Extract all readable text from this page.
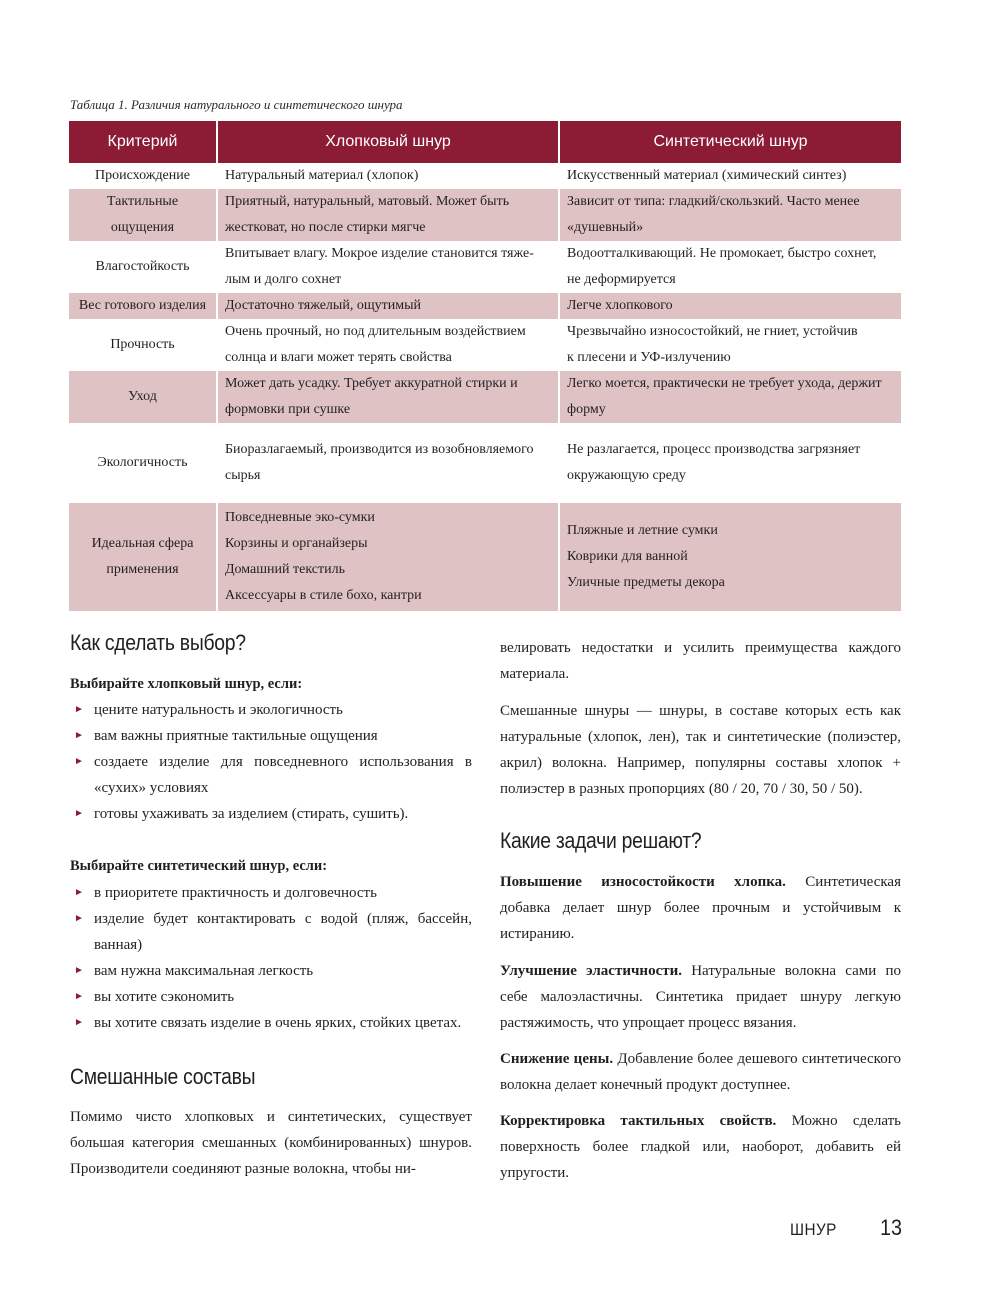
Таблица 1. Различия натурального и синтетического шнура
Критерий	Хлопковый шнур	Синтетический шнур
Происхождение	Натуральный материал (хлопок)	Искусственный материал (химический синтез)

Тактильные
ощущения	Приятный, натуральный, матовый. Может быть
жестковат, но после стирки мягче	Зависит от типа: гладкий/скользкий. Часто менее
«душевный»

Влагостойкость	Впитывает влагу. Мокрое изделие становится тяже-
лым и долго сохнет	Водоотталкивающий. Не промокает, быстро сохнет,
не деформируется

Вес готового изделия	Достаточно тяжелый, ощутимый	Легче хлопкового

Прочность	Очень прочный, но под длительным воздействием
солнца и влаги может терять свойства	Чрезвычайно износостойкий, не гниет, устойчив
к плесени и УФ-излучению

Уход	Может дать усадку. Требует аккуратной стирки и
формовки при сушке	Легко моется, практически не требует ухода, держит
форму

Экологичность	Биоразлагаемый, производится из возобновляемого
сырья	Не разлагается, процесс производства загрязняет
окружающую среду

Идеальная сфера
применения	Повседневные эко-сумки
Корзины и органайзеры
Домашний текстиль
Аксессуары в стиле бохо, кантри	Пляжные и летние сумки
Коврики для ванной
Уличные предметы декора
Как сделать выбор?
Выбирайте хлопковый шнур, если:
► цените натуральность и экологичность
► вам важны приятные тактильные ощущения
► создаете изделие для повседневного использования в «сухих» условиях
► готовы ухаживать за изделием (стирать, сушить).
Выбирайте синтетический шнур, если:
► в приоритете практичность и долговечность
► изделие будет контактировать с водой (пляж, бассейн, ванная)
► вам нужна максимальная легкость
► вы хотите сэкономить
► вы хотите связать изделие в очень ярких, стойких цветах.
Смешанные составы
Помимо чисто хлопковых и синтетических, существует большая категория смешанных (комбинированных) шнуров. Производители соединяют разные волокна, чтобы ни-
велировать недостатки и усилить преимущества каждого материала.
Смешанные шнуры — шнуры, в составе которых есть как натуральные (хлопок, лен), так и синтетические (полиэстер, акрил) волокна. Например, популярны составы хлопок + полиэстер в разных пропорциях (80 / 20, 70 / 30, 50 / 50).
Какие задачи решают?
Повышение износостойкости хлопка. Синтетическая добавка делает шнур более прочным и устойчивым к истиранию.
Улучшение эластичности. Натуральные волокна сами по себе малоэластичны. Синтетика придает шнуру легкую растяжимость, что упрощает процесс вязания.
Снижение цены. Добавление более дешевого синтетического волокна делает конечный продукт доступнее.
Корректировка тактильных свойств. Можно сделать поверхность более гладкой или, наоборот, добавить ей упругости.
ШНУР 13
